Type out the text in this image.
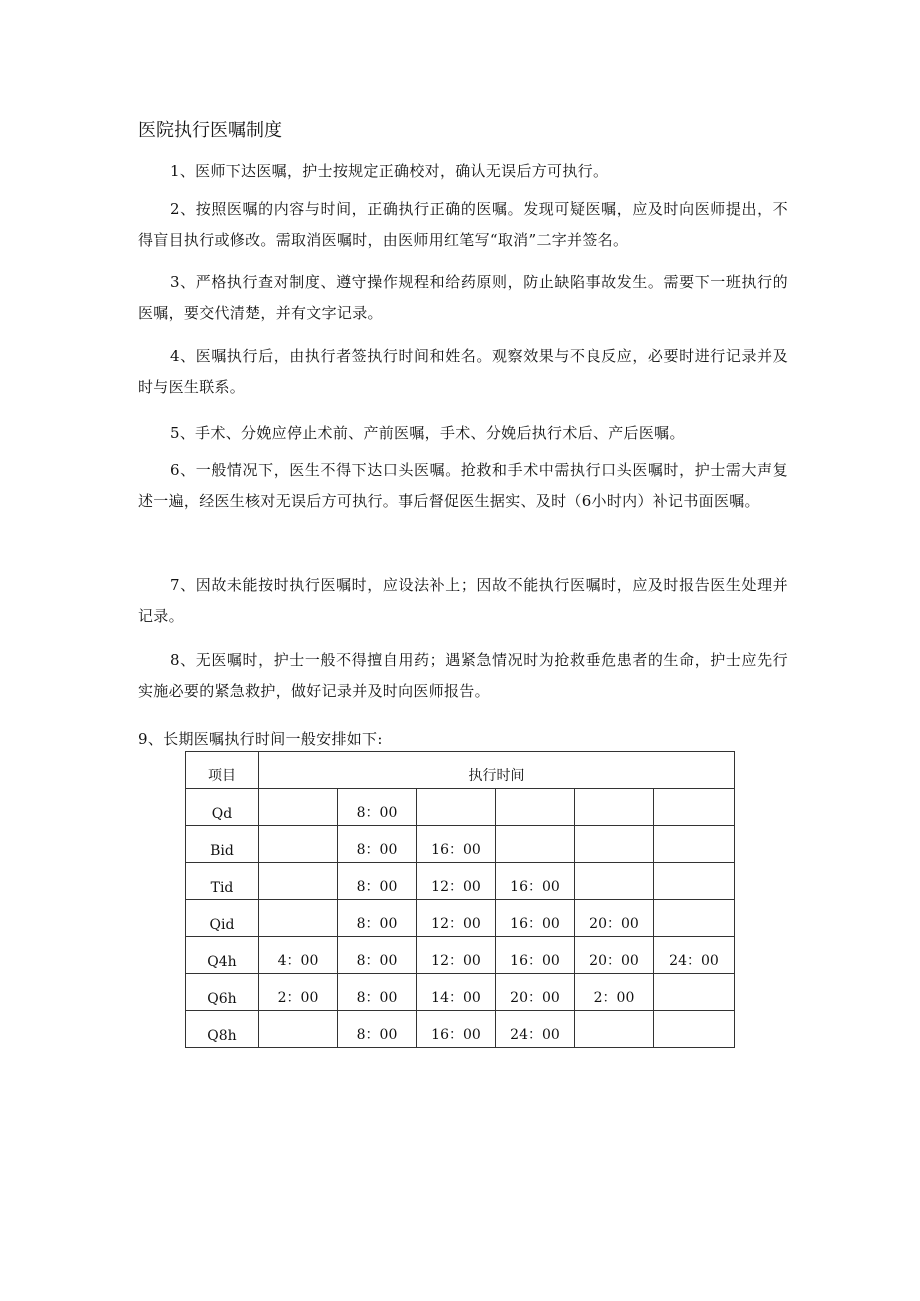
医院执行医嘱制度

1、医师下达医嘱，护士按规定正确校对，确认无误后方可执行。

2、按照医嘱的内容与时间，正确执行正确的医嘱。发现可疑医嘱，应及时向医师提出，不得盲目执行或修改。需取消医嘱时，由医师用红笔写“取消”二字并签名。

3、严格执行查对制度、遵守操作规程和给药原则，防止缺陷事故发生。需要下一班执行的医嘱，要交代清楚，并有文字记录。

4、医嘱执行后，由执行者签执行时间和姓名。观察效果与不良反应，必要时进行记录并及时与医生联系。

5、手术、分娩应停止术前、产前医嘱，手术、分娩后执行术后、产后医嘱。

6、一般情况下，医生不得下达口头医嘱。抢救和手术中需执行口头医嘱时，护士需大声复述一遍，经医生核对无误后方可执行。事后督促医生据实、及时（6小时内）补记书面医嘱。

7、因故未能按时执行医嘱时，应设法补上；因故不能执行医嘱时，应及时报告医生处理并记录。

8、无医嘱时，护士一般不得擅自用药；遇紧急情况时为抢救垂危患者的生命，护士应先行实施必要的紧急救护，做好记录并及时向医师报告。

9、长期医嘱执行时间一般安排如下:

项目	执行时间					
Qd		8：00				
Bid		8：00	16：00			
Tid		8：00	12：00	16：00		
Qid		8：00	12：00	16：00	20：00	
Q4h	4：00	8：00	12：00	16：00	20：00	24：00
Q6h	2：00	8：00	14：00	20：00	2：00	
Q8h		8：00	16：00	24：00		
